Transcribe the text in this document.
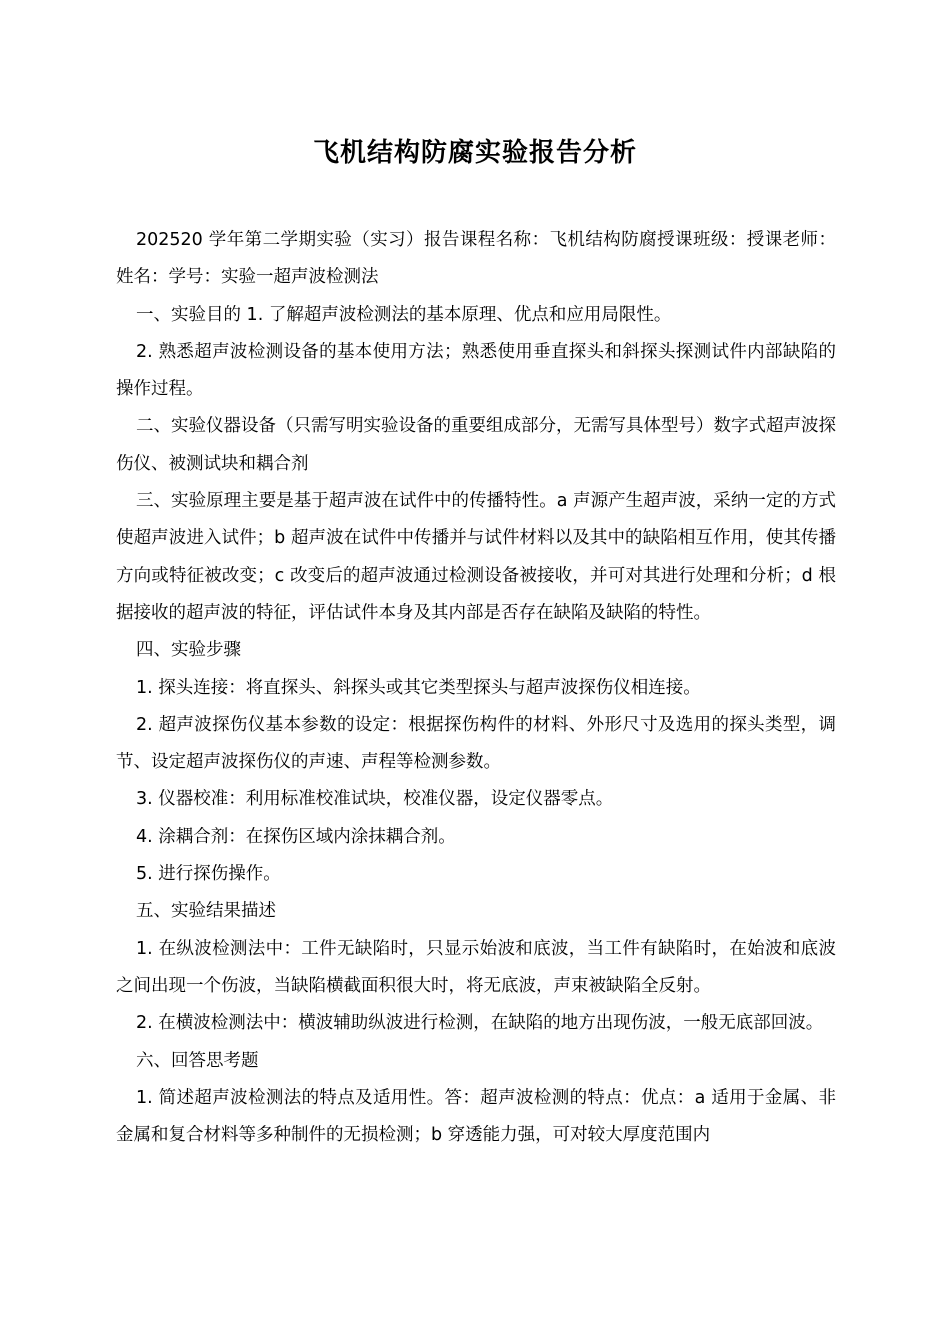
飞机结构防腐实验报告分析

202520 学年第二学期实验（实习）报告课程名称：飞机结构防腐授课班级：授课老师：姓名：学号：实验一超声波检测法

一、实验目的 1. 了解超声波检测法的基本原理、优点和应用局限性。

2. 熟悉超声波检测设备的基本使用方法；熟悉使用垂直探头和斜探头探测试件内部缺陷的操作过程。

二、实验仪器设备（只需写明实验设备的重要组成部分，无需写具体型号）数字式超声波探伤仪、被测试块和耦合剂

三、实验原理主要是基于超声波在试件中的传播特性。a 声源产生超声波，采纳一定的方式使超声波进入试件；b 超声波在试件中传播并与试件材料以及其中的缺陷相互作用，使其传播方向或特征被改变；c 改变后的超声波通过检测设备被接收，并可对其进行处理和分析；d 根据接收的超声波的特征，评估试件本身及其内部是否存在缺陷及缺陷的特性。

四、实验步骤

1. 探头连接：将直探头、斜探头或其它类型探头与超声波探伤仪相连接。

2. 超声波探伤仪基本参数的设定：根据探伤构件的材料、外形尺寸及选用的探头类型，调节、设定超声波探伤仪的声速、声程等检测参数。

3. 仪器校准：利用标准校准试块，校准仪器，设定仪器零点。

4. 涂耦合剂：在探伤区域内涂抹耦合剂。

5. 进行探伤操作。

五、实验结果描述

1. 在纵波检测法中：工件无缺陷时，只显示始波和底波，当工件有缺陷时，在始波和底波之间出现一个伤波，当缺陷横截面积很大时，将无底波，声束被缺陷全反射。

2. 在横波检测法中：横波辅助纵波进行检测，在缺陷的地方出现伤波，一般无底部回波。

六、回答思考题

1. 简述超声波检测法的特点及适用性。答：超声波检测的特点：优点：a 适用于金属、非金属和复合材料等多种制件的无损检测；b 穿透能力强，可对较大厚度范围内
